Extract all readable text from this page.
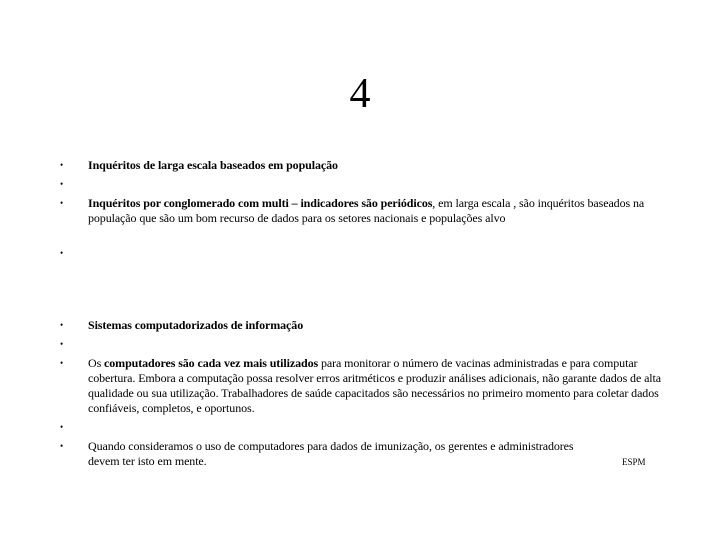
4
•
•
•
•
•
•
•
•
•
Inquéritos de larga escala baseados em população
Inquéritos por conglomerado com multi – indicadores são periódicos, em larga escala , são inquéritos baseados na população que são um bom recurso de dados para os setores nacionais e populações alvo
Sistemas computadorizados de informação
Os computadores são cada vez mais utilizados para monitorar o número de vacinas administradas e para computar cobertura. Embora a computação possa resolver erros aritméticos e produzir análises adicionais, não garante dados de alta qualidade ou sua utilização. Trabalhadores de saúde capacitados são necessários no primeiro momento para coletar dados confiáveis, completos, e oportunos.
Quando consideramos o uso de computadores para dados de imunização, os gerentes e administradores devem ter isto em mente.	ESPM
